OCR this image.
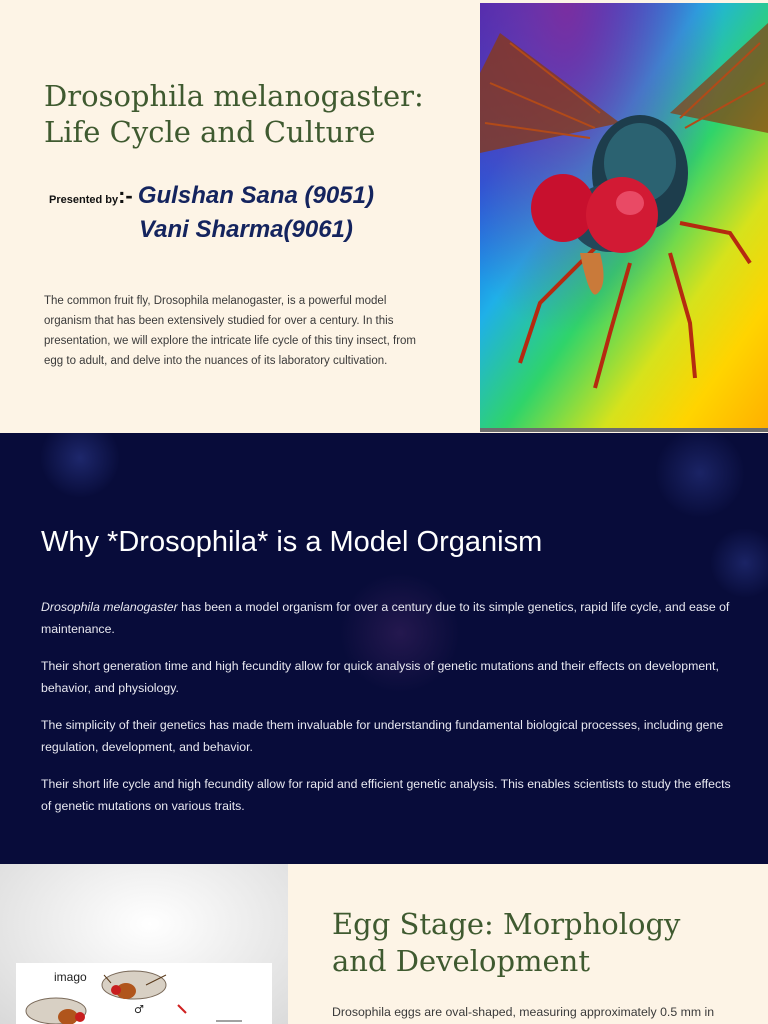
Drosophila melanogaster:
Life Cycle and Culture
Presented by:- Gulshan Sana (9051)
Vani Sharma(9061)
The common fruit fly, Drosophila melanogaster, is a powerful model organism that has been extensively studied for over a century. In this presentation, we will explore the intricate life cycle of this tiny insect, from egg to adult, and delve into the nuances of its laboratory cultivation.
Why *Drosophila* is a Model Organism

Drosophila melanogaster has been a model organism for over a century due to its simple genetics, rapid life cycle, and ease of maintenance.

Their short generation time and high fecundity allow for quick analysis of genetic mutations and their effects on development, behavior, and physiology.

The simplicity of their genetics has made them invaluable for understanding fundamental biological processes, including gene regulation, development, and behavior.

Their short life cycle and high fecundity allow for rapid and efficient genetic analysis. This enables scientists to study the effects of genetic mutations on various traits.

imago
♂
Egg Stage: Morphology and Development
Drosophila eggs are oval-shaped, measuring approximately 0.5 mm in
